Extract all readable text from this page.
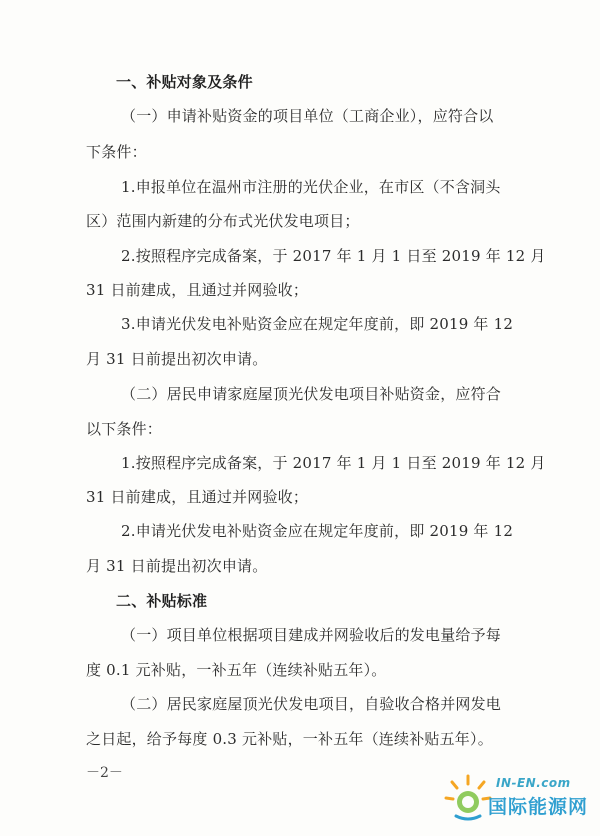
一、补贴对象及条件
（一）申请补贴资金的项目单位（工商企业），应符合以
下条件：
1.申报单位在温州市注册的光伏企业，在市区（不含洞头
区）范围内新建的分布式光伏发电项目；
2.按照程序完成备案，于 2017 年 1 月 1 日至 2019 年 12 月
31 日前建成，且通过并网验收；
3.申请光伏发电补贴资金应在规定年度前，即 2019 年 12
月 31 日前提出初次申请。
（二）居民申请家庭屋顶光伏发电项目补贴资金，应符合
以下条件：
1.按照程序完成备案，于 2017 年 1 月 1 日至 2019 年 12 月
31 日前建成，且通过并网验收；
2.申请光伏发电补贴资金应在规定年度前，即 2019 年 12
月 31 日前提出初次申请。
二、补贴标准
（一）项目单位根据项目建成并网验收后的发电量给予每
度 0.1 元补贴，一补五年（连续补贴五年）。
（二）居民家庭屋顶光伏发电项目，自验收合格并网发电
之日起，给予每度 0.3 元补贴，一补五年（连续补贴五年）。
－2－
IN-EN.com
国际能源网
